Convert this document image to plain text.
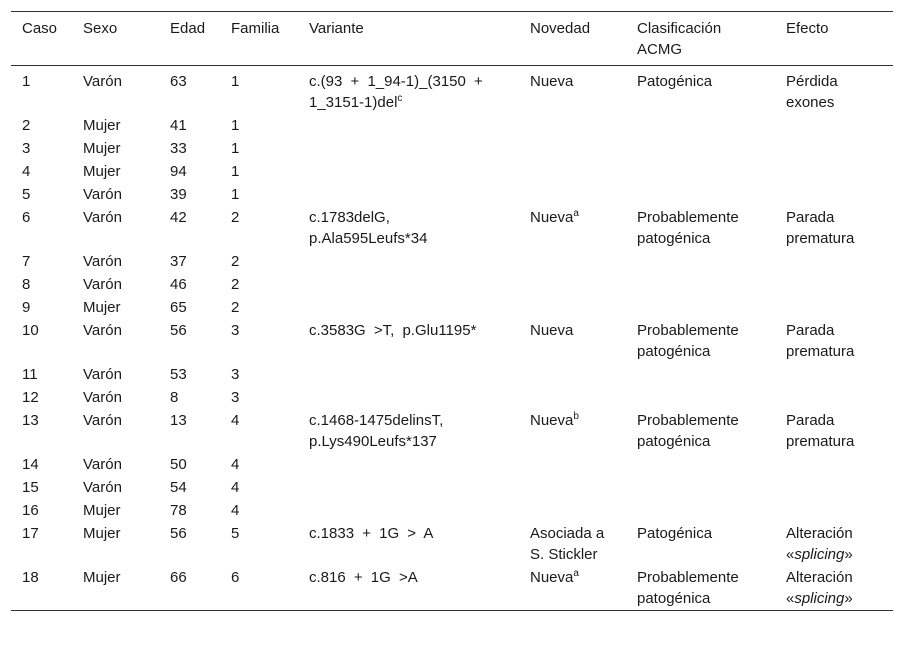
Caso	Sexo	Edad	Familia	Variante	Novedad	Clasificación ACMG	Efecto
1	Varón	63	1	c.(93 + 1_94-1)_(3150 + 1_3151-1)del$^c$	Nueva	Patogénica	Pérdida exones
2	Mujer	41	1				
3	Mujer	33	1				
4	Mujer	94	1				
5	Varón	39	1				
6	Varón	42	2	c.1783delG, p.Ala595Leufs*34	Nueva$^a$	Probablemente patogénica	Parada prematura
7	Varón	37	2				
8	Varón	46	2				
9	Mujer	65	2				
10	Varón	56	3	c.3583G >T, p.Glu1195*	Nueva	Probablemente patogénica	Parada prematura
11	Varón	53	3				
12	Varón	8	3				
13	Varón	13	4	c.1468-1475delinsT, p.Lys490Leufs*137	Nueva$^b$	Probablemente patogénica	Parada prematura
14	Varón	50	4				
15	Varón	54	4				
16	Mujer	78	4				
17	Mujer	56	5	c.1833 + 1G > A	Asociada a S. Stickler	Patogénica	Alteración «splicing»
18	Mujer	66	6	c.816 + 1G >A	Nueva$^a$	Probablemente patogénica	Alteración «splicing»
